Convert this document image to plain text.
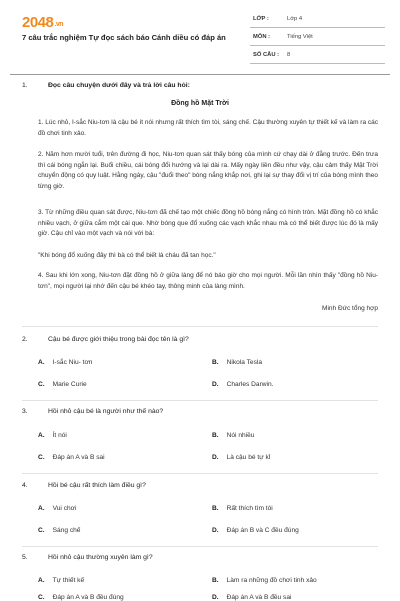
2048.vn
7 câu trắc nghiệm Tự đọc sách báo Cánh diều có đáp án
LỚP :	Lớp 4
MÔN :	Tiếng Việt
SỐ CÂU : 8
1.	Đọc câu chuyện dưới đây và trả lời câu hỏi:
Đồng hồ Mặt Trời
1. Lúc nhỏ, I-sắc Niu-tơn là cậu bé ít nói nhưng rất thích tìm tòi, sáng chế. Cậu thường xuyên tự thiết kế và làm ra các đồ chơi tinh xảo.
2. Năm hơn mười tuổi, trên đường đi học, Niu-tơn quan sát thấy bóng của mình cứ chạy dài ở đằng trước. Đến trưa thì cái bóng ngắn lại. Buổi chiều, cái bóng đổi hướng và lại dài ra. Mấy ngày liền đều như vậy, cậu cảm thấy Mặt Trời chuyển động có quy luật. Hằng ngày, cậu "đuổi theo" bóng nắng khắp nơi, ghi lại sự thay đổi vị trí của bóng mình theo từng giờ.
3. Từ những điều quan sát được, Niu-tơn đã chế tạo một chiếc đồng hồ bóng nắng có hình tròn. Mặt đồng hồ có khắc nhiều vạch, ở giữa cắm một cái que. Nhờ bóng que đổ xuống các vạch khắc nhau mà có thể biết được lúc đó là mấy giờ. Cậu chỉ vào một vạch và nói với bà:
"Khi bóng đổ xuống đây thì bà có thể biết là cháu đã tan học."
4. Sau khi lớn xong, Niu-tơn đặt đồng hồ ở giữa làng để nó báo giờ cho mọi người. Mỗi lần nhìn thấy "đồng hồ Niu-tơn", mọi người lại nhớ đến cậu bé khéo tay, thông minh của làng mình.
Minh Đức tổng hợp
2.	Cậu bé được giới thiệu trong bài đọc tên là gì?
A. I-sắc Niu- tơn	B. Nikola Tesla
C. Marie Curie	D. Charles Darwin.
3.	Hồi nhỏ cậu bé là người như thế nào?
A. Ít nói	B. Nói nhiều
C. Đáp án A và B sai	D. Là cậu bé tự kỉ
4.	Hồi bé cậu rất thích làm điều gì?
A. Vui chơi	B. Rất thích tìm tòi
C. Sáng chế	D. Đáp án B và C đều đúng
5.	Hồi nhỏ cậu thường xuyên làm gì?
A. Tự thiết kế	B. Làm ra những đồ chơi tinh xảo
C. Đáp án A và B đều đúng	D. Đáp án A và B đều sai
